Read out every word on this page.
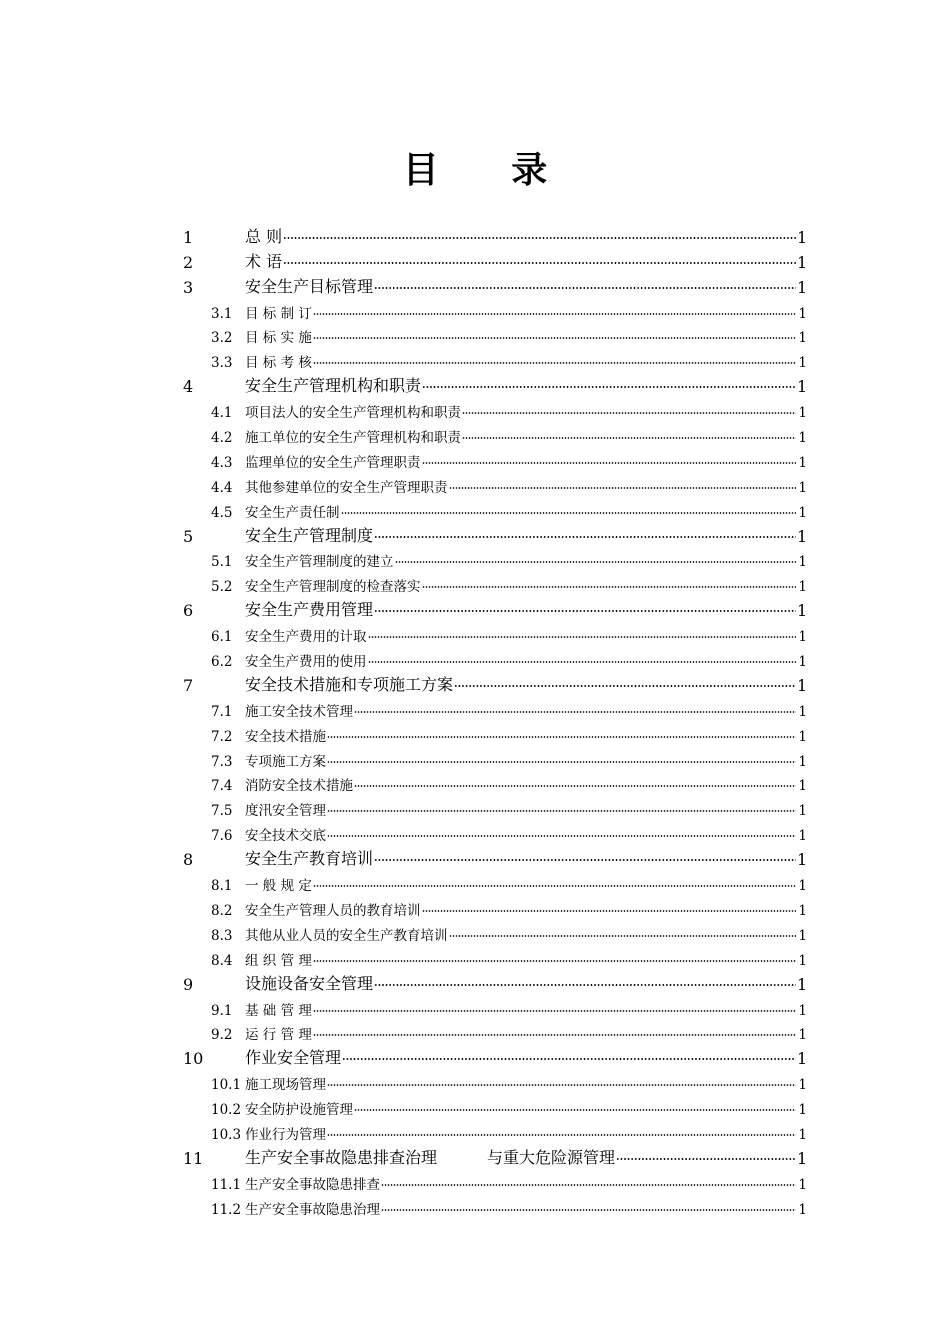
目 录
1	总 则	1
2	术 语	1
3	安全生产目标管理	1
3.1 目 标 制 订	1
3.2 目 标 实 施	1
3.3 目 标 考 核	1
4	安全生产管理机构和职责	1
4.1 项目法人的安全生产管理机构和职责	1
4.2 施工单位的安全生产管理机构和职责	1
4.3 监理单位的安全生产管理职责	1
4.4 其他参建单位的安全生产管理职责	1
4.5 安全生产责任制	1
5	安全生产管理制度	1
5.1 安全生产管理制度的建立	1
5.2 安全生产管理制度的检查落实	1
6	安全生产费用管理	1
6.1 安全生产费用的计取	1
6.2 安全生产费用的使用	1
7	安全技术措施和专项施工方案	1
7.1 施工安全技术管理	1
7.2 安全技术措施	1
7.3 专项施工方案	1
7.4 消防安全技术措施	1
7.5 度汛安全管理	1
7.6 安全技术交底	1
8	安全生产教育培训	1
8.1 一 般 规 定	1
8.2 安全生产管理人员的教育培训	1
8.3 其他从业人员的安全生产教育培训	1
8.4 组 织 管 理	1
9	设施设备安全管理	1
9.1 基 础 管 理	1
9.2 运 行 管 理	1
10	作业安全管理	1
10.1 施工现场管理	1
10.2 安全防护设施管理	1
10.3 作业行为管理	1
11	生产安全事故隐患排查治理	与重大危险源管理	1
11.1 生产安全事故隐患排查	1
11.2 生产安全事故隐患治理	1
